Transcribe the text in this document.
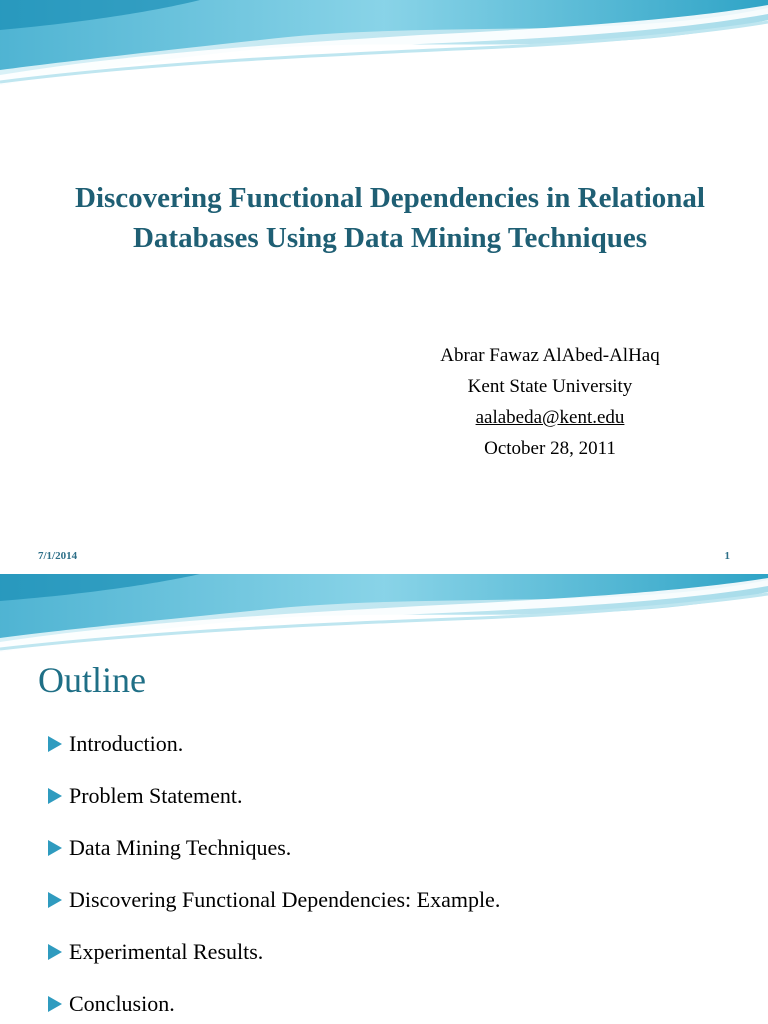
Discovering Functional Dependencies in Relational Databases Using Data Mining Techniques
Abrar Fawaz AlAbed-AlHaq
Kent State University
aalabeda@kent.edu
October 28, 2011
7/1/2014	1
Outline
Introduction.
Problem Statement.
Data Mining Techniques.
Discovering Functional Dependencies: Example.
Experimental Results.
Conclusion.
